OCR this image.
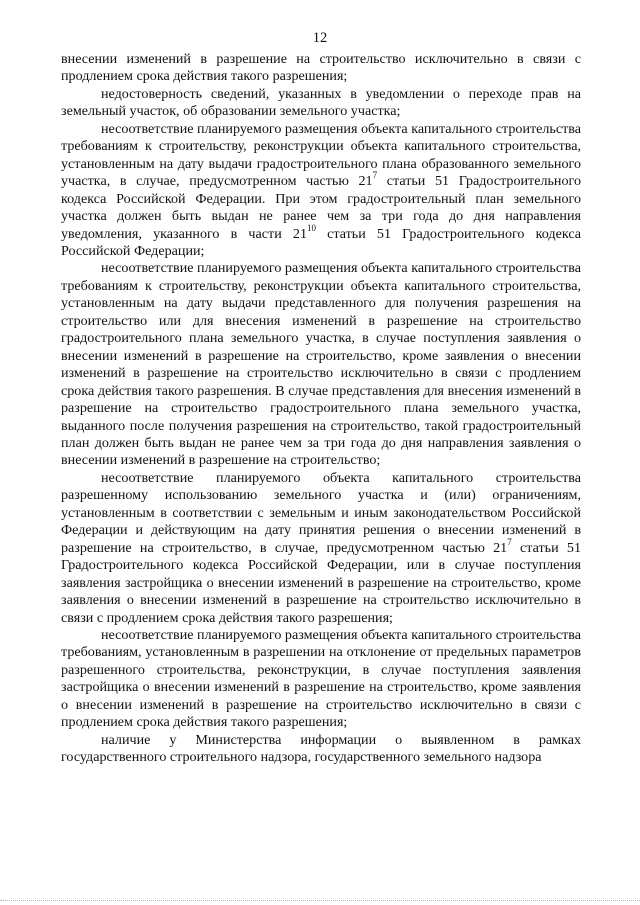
12

внесении изменений в разрешение на строительство исключительно в связи с продлением срока действия такого разрешения;

недостоверность сведений, указанных в уведомлении о переходе прав на земельный участок, об образовании земельного участка;

несоответствие планируемого размещения объекта капитального строительства требованиям к строительству, реконструкции объекта капитального строительства, установленным на дату выдачи градостроительного плана образованного земельного участка, в случае, предусмотренном частью $21^7$ статьи 51 Градостроительного кодекса Российской Федерации. При этом градостроительный план земельного участка должен быть выдан не ранее чем за три года до дня направления уведомления, указанного в части $21^{10}$ статьи 51 Градостроительного кодекса Российской Федерации;

несоответствие планируемого размещения объекта капитального строительства требованиям к строительству, реконструкции объекта капитального строительства, установленным на дату выдачи представленного для получения разрешения на строительство или для внесения изменений в разрешение на строительство градостроительного плана земельного участка, в случае поступления заявления о внесении изменений в разрешение на строительство, кроме заявления о внесении изменений в разрешение на строительство исключительно в связи с продлением срока действия такого разрешения. В случае представления для внесения изменений в разрешение на строительство градостроительного плана земельного участка, выданного после получения разрешения на строительство, такой градостроительный план должен быть выдан не ранее чем за три года до дня направления заявления о внесении изменений в разрешение на строительство;

несоответствие планируемого объекта капитального строительства разрешенному использованию земельного участка и (или) ограничениям, установленным в соответствии с земельным и иным законодательством Российской Федерации и действующим на дату принятия решения о внесении изменений в разрешение на строительство, в случае, предусмотренном частью $21^7$ статьи 51 Градостроительного кодекса Российской Федерации, или в случае поступления заявления застройщика о внесении изменений в разрешение на строительство, кроме заявления о внесении изменений в разрешение на строительство исключительно в связи с продлением срока действия такого разрешения;

несоответствие планируемого размещения объекта капитального строительства требованиям, установленным в разрешении на отклонение от предельных параметров разрешенного строительства, реконструкции, в случае поступления заявления застройщика о внесении изменений в разрешение на строительство, кроме заявления о внесении изменений в разрешение на строительство исключительно в связи с продлением срока действия такого разрешения;

наличие у Министерства информации о выявленном в рамках государственного строительного надзора, государственного земельного надзора
